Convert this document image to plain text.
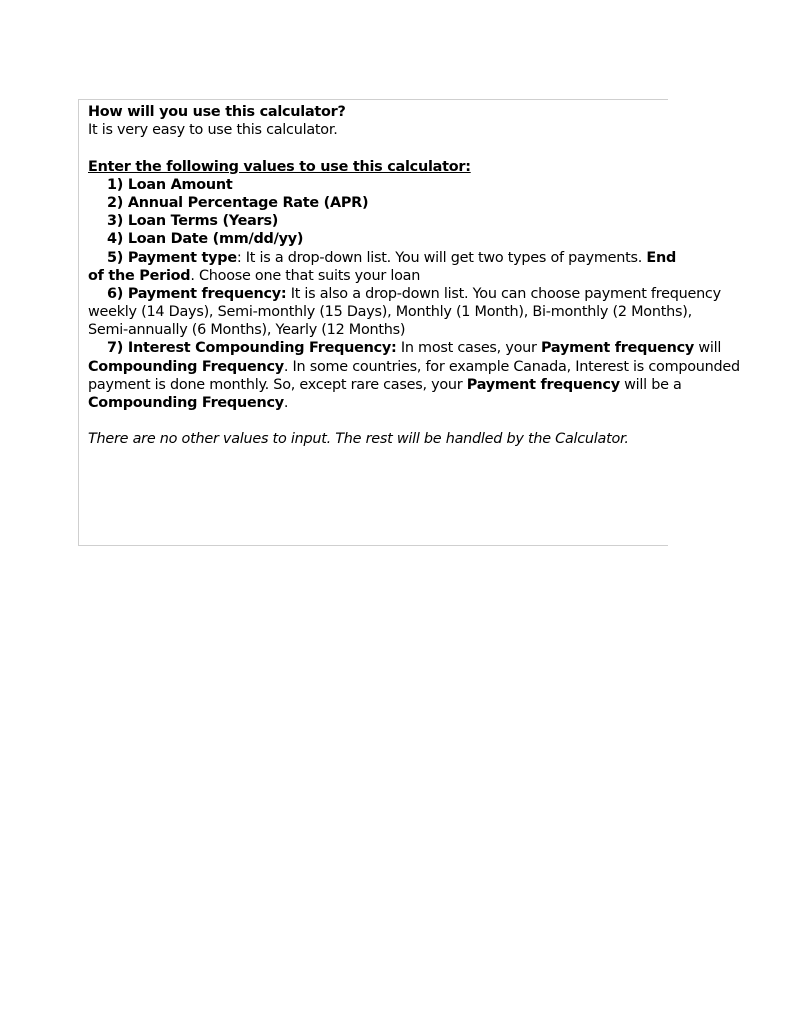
How will you use this calculator?
It is very easy to use this calculator.
Enter the following values to use this calculator:
1) Loan Amount
2) Annual Percentage Rate (APR)
3) Loan Terms (Years)
4) Loan Date (mm/dd/yy)
5) Payment type: It is a drop-down list. You will get two types of payments. End
of the Period. Choose one that suits your loan
6) Payment frequency: It is also a drop-down list. You can choose payment frequency
weekly (14 Days), Semi-monthly (15 Days), Monthly (1 Month), Bi-monthly (2 Months),
Semi-annually (6 Months), Yearly (12 Months)
7) Interest Compounding Frequency: In most cases, your Payment frequency will
Compounding Frequency. In some countries, for example Canada, Interest is compounded
payment is done monthly. So, except rare cases, your Payment frequency will be a
Compounding Frequency.
There are no other values to input. The rest will be handled by the Calculator.
